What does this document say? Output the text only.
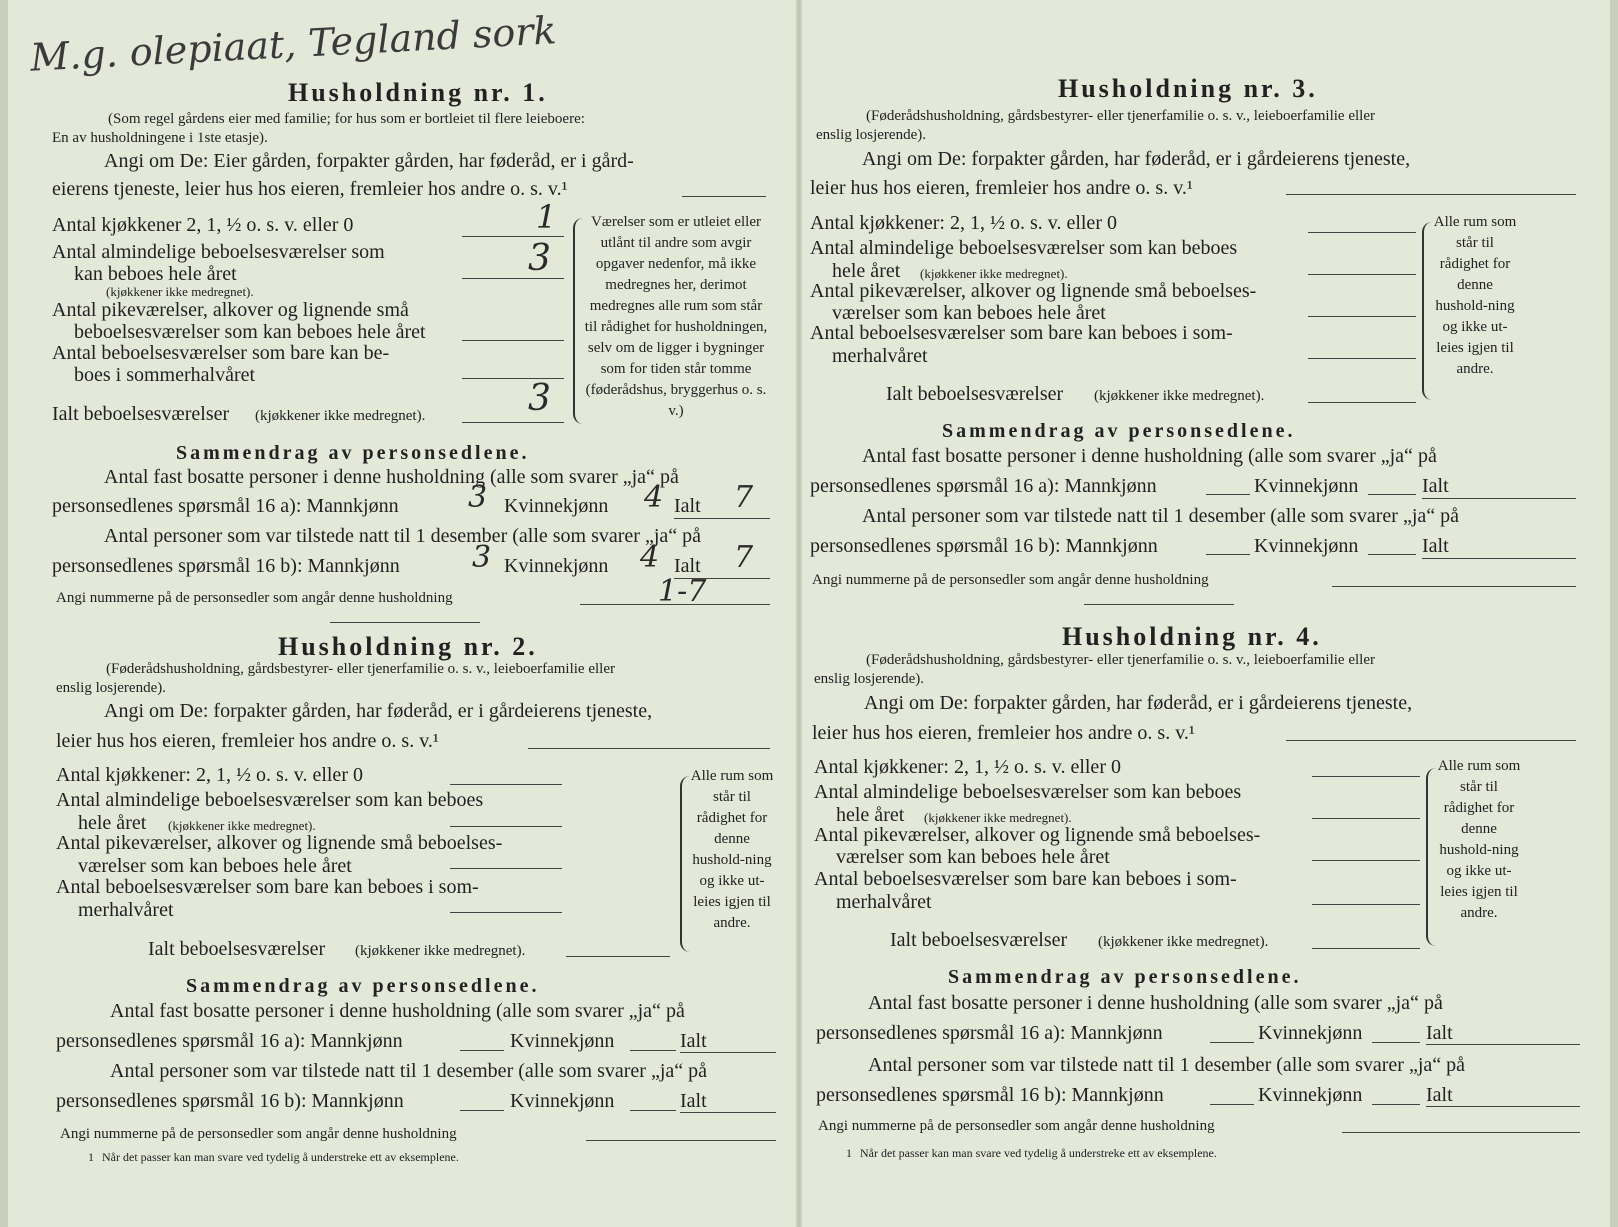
M.g. olepiaat, Tegland sork
Husholdning nr. 1.
(Som regel gårdens eier med familie; for hus som er bortleiet til flere leieboere:
En av husholdningene i 1ste etasje).
Angi om De: Eier gården, forpakter gården, har føderåd, er i gård-
eierens tjeneste, leier hus hos eieren, fremleier hos andre o. s. v.¹
Antal kjøkkener 2, 1, ½ o. s. v. eller 0	1
Antal almindelige beboelsesværelser som
kan beboes hele året	3
(kjøkkener ikke medregnet).
Antal pikeværelser, alkover og lignende små
beboelsesværelser som kan beboes hele året
Antal beboelsesværelser som bare kan be-
boes i sommerhalvåret
Ialt beboelsesværelser (kjøkkener ikke medregnet).	3
Værelser som er utleiet eller utlånt til andre som avgir opgaver nedenfor, må ikke medregnes her, derimot medregnes alle rum som står til rådighet for husholdningen, selv om de ligger i bygninger som for tiden står tomme (føderådshus, bryggerhus o. s. v.)
Sammendrag av personsedlene.
Antal fast bosatte personer i denne husholdning (alle som svarer „ja“ på
personsedlenes spørsmål 16 a): Mannkjønn 3 Kvinnekjønn 4 Ialt 7
Antal personer som var tilstede natt til 1 desember (alle som svarer „ja“ på
personsedlenes spørsmål 16 b): Mannkjønn 3 Kvinnekjønn 4 Ialt 7
Angi nummerne på de personsedler som angår denne husholdning	1-7
Husholdning nr. 2.
(Føderådshusholdning, gårdsbestyrer- eller tjenerfamilie o. s. v., leieboerfamilie eller
enslig losjerende).
Angi om De: forpakter gården, har føderåd, er i gårdeierens tjeneste,
leier hus hos eieren, fremleier hos andre o. s. v.¹
Antal kjøkkener: 2, 1, ½ o. s. v. eller 0
Antal almindelige beboelsesværelser som kan beboes
hele året (kjøkkener ikke medregnet).
Antal pikeværelser, alkover og lignende små beboelses-
værelser som kan beboes hele året
Antal beboelsesværelser som bare kan beboes i som-
merhalvåret
Ialt beboelsesværelser (kjøkkener ikke medregnet).
Alle rum som står til rådighet for denne hushold-ning og ikke ut-leies igjen til andre.
Sammendrag av personsedlene.
Antal fast bosatte personer i denne husholdning (alle som svarer „ja“ på
personsedlenes spørsmål 16 a): Mannkjønn	Kvinnekjønn	Ialt
Antal personer som var tilstede natt til 1 desember (alle som svarer „ja“ på
personsedlenes spørsmål 16 b): Mannkjønn	Kvinnekjønn	Ialt
Angi nummerne på de personsedler som angår denne husholdning
1 Når det passer kan man svare ved tydelig å understreke ett av eksemplene.
Husholdning nr. 3.
(Føderådshusholdning, gårdsbestyrer- eller tjenerfamilie o. s. v., leieboerfamilie eller
enslig losjerende).
Angi om De: forpakter gården, har føderåd, er i gårdeierens tjeneste,
leier hus hos eieren, fremleier hos andre o. s. v.¹
Antal kjøkkener: 2, 1, ½ o. s. v. eller 0
Antal almindelige beboelsesværelser som kan beboes
hele året (kjøkkener ikke medregnet).
Antal pikeværelser, alkover og lignende små beboelses-
værelser som kan beboes hele året
Antal beboelsesværelser som bare kan beboes i som-
merhalvåret
Ialt beboelsesværelser (kjøkkener ikke medregnet).
Alle rum som står til rådighet for denne hushold-ning og ikke ut-leies igjen til andre.
Sammendrag av personsedlene.
Antal fast bosatte personer i denne husholdning (alle som svarer „ja“ på
personsedlenes spørsmål 16 a): Mannkjønn	Kvinnekjønn	Ialt
Antal personer som var tilstede natt til 1 desember (alle som svarer „ja“ på
personsedlenes spørsmål 16 b): Mannkjønn	Kvinnekjønn	Ialt
Angi nummerne på de personsedler som angår denne husholdning
Husholdning nr. 4.
(Føderådshusholdning, gårdsbestyrer- eller tjenerfamilie o. s. v., leieboerfamilie eller
enslig losjerende).
Angi om De: forpakter gården, har føderåd, er i gårdeierens tjeneste,
leier hus hos eieren, fremleier hos andre o. s. v.¹
Antal kjøkkener: 2, 1, ½ o. s. v. eller 0
Antal almindelige beboelsesværelser som kan beboes
hele året (kjøkkener ikke medregnet).
Antal pikeværelser, alkover og lignende små beboelses-
værelser som kan beboes hele året
Antal beboelsesværelser som bare kan beboes i som-
merhalvåret
Ialt beboelsesværelser (kjøkkener ikke medregnet).
Alle rum som står til rådighet for denne hushold-ning og ikke ut-leies igjen til andre.
Sammendrag av personsedlene.
Antal fast bosatte personer i denne husholdning (alle som svarer „ja“ på
personsedlenes spørsmål 16 a): Mannkjønn	Kvinnekjønn	Ialt
Antal personer som var tilstede natt til 1 desember (alle som svarer „ja“ på
personsedlenes spørsmål 16 b): Mannkjønn	Kvinnekjønn	Ialt
Angi nummerne på de personsedler som angår denne husholdning
1 Når det passer kan man svare ved tydelig å understreke ett av eksemplene.
